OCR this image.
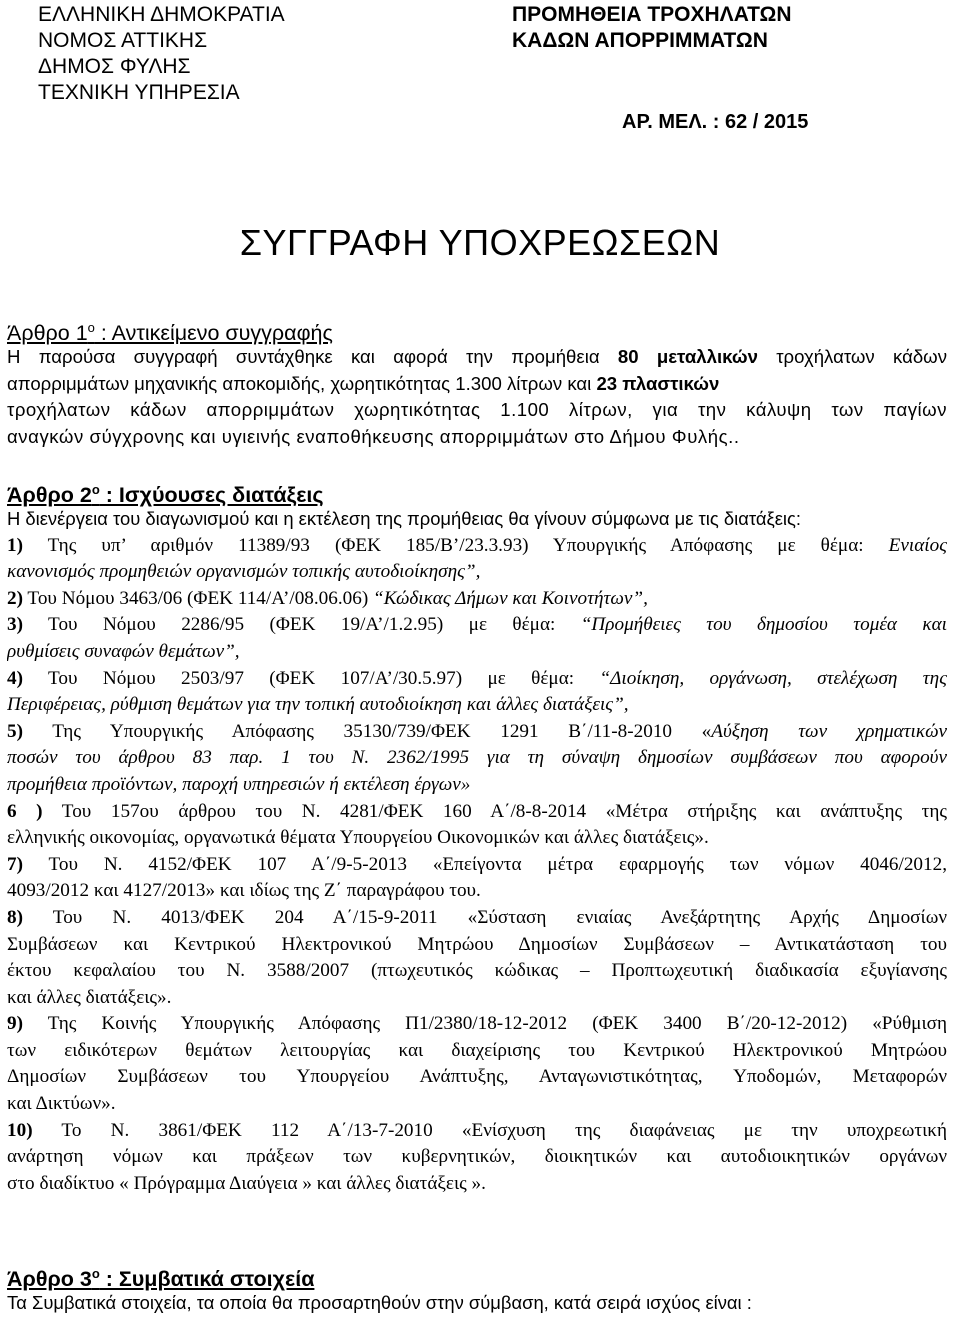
ΕΛΛΗΝΙΚΗ ΔΗΜΟΚΡΑΤΙΑ
ΝΟΜΟΣ ΑΤΤΙΚΗΣ
ΔΗΜΟΣ ΦΥΛΗΣ
ΤΕΧΝΙΚΗ ΥΠΗΡΕΣΙΑ
ΠΡΟΜΗΘΕΙΑ ΤΡΟΧΗΛΑΤΩΝ
ΚΑΔΩΝ ΑΠΟΡΡΙΜΜΑΤΩΝ
ΑΡ. ΜΕΛ. : 62 / 2015
ΣΥΓΓΡΑΦΗ ΥΠΟΧΡΕΩΣΕΩΝ
Άρθρο $1^o$ : Αντικείμενο συγγραφής
Η παρούσα συγγραφή συντάχθηκε και αφορά την προμήθεια 80 μεταλλικών τροχήλατων κάδων
απορριμμάτων μηχανικής αποκομιδής, χωρητικότητας 1.300 λίτρων και 23 πλαστικών
τροχήλατων κάδων απορριμμάτων χωρητικότητας 1.100 λίτρων, για την κάλυψη των παγίων
αναγκών σύγχρονης και υγιεινής εναποθήκευσης απορριμμάτων στο Δήμου Φυλής..
Άρθρο $2^o$ : Ισχύουσες διατάξεις
Η διενέργεια του διαγωνισμού και η εκτέλεση της προμήθειας θα γίνουν σύμφωνα με τις διατάξεις:
1) Της υπ’ αριθμόν 11389/93 (ΦΕΚ 185/Β’/23.3.93) Υπουργικής Απόφασης με θέμα: Ενιαίος
κανονισμός προμηθειών οργανισμών τοπικής αυτοδιοίκησης”,
2) Του Νόμου 3463/06 (ΦΕΚ 114/Α’/08.06.06) “Κώδικας Δήμων και Κοινοτήτων”,
3) Του Νόμου 2286/95 (ΦΕΚ 19/Α’/1.2.95) με θέμα: “Προμήθειες του δημοσίου τομέα και
ρυθμίσεις συναφών θεμάτων”,
4) Του Νόμου 2503/97 (ΦΕΚ 107/Α’/30.5.97) με θέμα: “Διοίκηση, οργάνωση, στελέχωση της
Περιφέρειας, ρύθμιση θεμάτων για την τοπική αυτοδιοίκηση και άλλες διατάξεις”,
5) Της Υπουργικής Απόφασης 35130/739/ΦΕΚ 1291 Β΄/11-8-2010 «Αύξηση των χρηματικών
ποσών του άρθρου 83 παρ. 1 του Ν. 2362/1995 για τη σύναψη δημοσίων συμβάσεων που αφορούν
προμήθεια προϊόντων, παροχή υπηρεσιών ή εκτέλεση έργων»
6 ) Του 157ου άρθρου του Ν. 4281/ΦΕΚ 160 Α΄/8-8-2014 «Μέτρα στήριξης και ανάπτυξης της
ελληνικής οικονομίας, οργανωτικά θέματα Υπουργείου Οικονομικών και άλλες διατάξεις».
7) Του Ν. 4152/ΦΕΚ 107 Α΄/9-5-2013 «Επείγοντα μέτρα εφαρμογής των νόμων 4046/2012,
4093/2012 και 4127/2013» και ιδίως της Ζ΄ παραγράφου του.
8) Του Ν. 4013/ΦΕΚ 204 Α΄/15-9-2011 «Σύσταση ενιαίας Ανεξάρτητης Αρχής Δημοσίων
Συμβάσεων και Κεντρικού Ηλεκτρονικού Μητρώου Δημοσίων Συμβάσεων – Αντικατάσταση του
έκτου κεφαλαίου του Ν. 3588/2007 (πτωχευτικός κώδικας – Προπτωχευτική διαδικασία εξυγίανσης
και άλλες διατάξεις».
9) Της Κοινής Υπουργικής Απόφασης Π1/2380/18-12-2012 (ΦΕΚ 3400 Β΄/20-12-2012) «Ρύθμιση
των ειδικότερων θεμάτων λειτουργίας και διαχείρισης του Κεντρικού Ηλεκτρονικού Μητρώου
Δημοσίων Συμβάσεων του Υπουργείου Ανάπτυξης, Ανταγωνιστικότητας, Υποδομών, Μεταφορών
και Δικτύων».
10) Το Ν. 3861/ΦΕΚ 112 Α΄/13-7-2010 «Ενίσχυση της διαφάνειας με την υποχρεωτική
ανάρτηση νόμων και πράξεων των κυβερνητικών, διοικητικών και αυτοδιοικητικών οργάνων
στο διαδίκτυο « Πρόγραμμα Διαύγεια » και άλλες διατάξεις ».
Άρθρο $3^o$ : Συμβατικά στοιχεία
Τα Συμβατικά στοιχεία, τα οποία θα προσαρτηθούν στην σύμβαση, κατά σειρά ισχύος είναι :
